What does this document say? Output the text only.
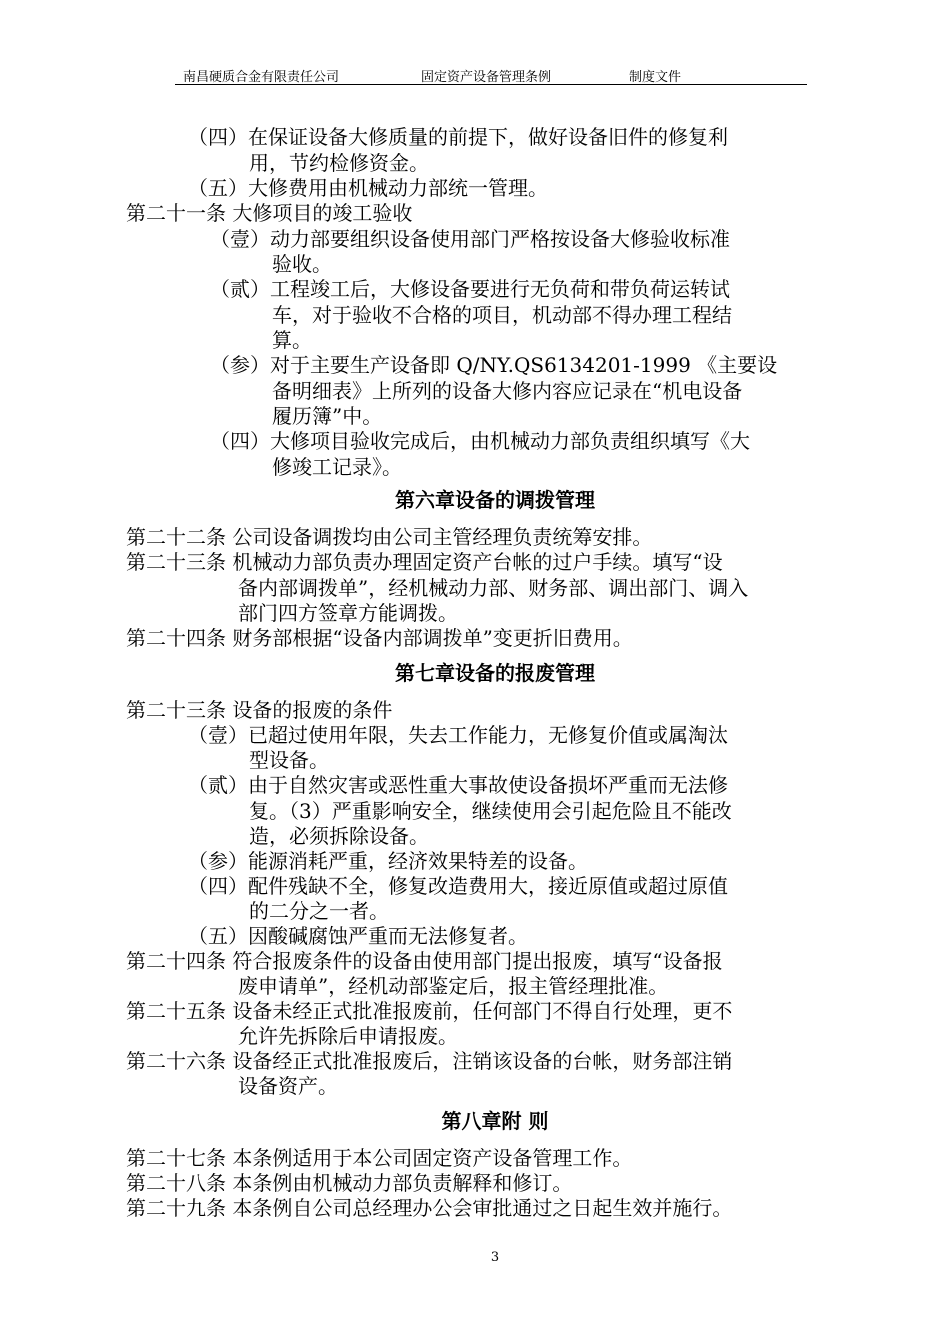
南昌硬质合金有限责任公司	固定资产设备管理条例	制度文件
（四）在保证设备大修质量的前提下，做好设备旧件的修复利
用，节约检修资金。
（五）大修费用由机械动力部统一管理。
第二十一条 大修项目的竣工验收
（壹）动力部要组织设备使用部门严格按设备大修验收标准
验收。
（贰）工程竣工后，大修设备要进行无负荷和带负荷运转试
车，对于验收不合格的项目，机动部不得办理工程结
算。
（参）对于主要生产设备即 Q/NY.QS6134201-1999 《主要设
备明细表》上所列的设备大修内容应记录在“机电设备
履历簿”中。
（四）大修项目验收完成后，由机械动力部负责组织填写《大
修竣工记录》。
第六章设备的调拨管理
第二十二条 公司设备调拨均由公司主管经理负责统筹安排。
第二十三条 机械动力部负责办理固定资产台帐的过户手续。填写“设
备内部调拨单”，经机械动力部、财务部、调出部门、调入
部门四方签章方能调拨。
第二十四条 财务部根据“设备内部调拨单”变更折旧费用。
第七章设备的报废管理
第二十三条 设备的报废的条件
（壹）已超过使用年限，失去工作能力，无修复价值或属淘汰
型设备。
（贰）由于自然灾害或恶性重大事故使设备损坏严重而无法修
复。（3）严重影响安全，继续使用会引起危险且不能改
造，必须拆除设备。
（参）能源消耗严重，经济效果特差的设备。
（四）配件残缺不全，修复改造费用大，接近原值或超过原值
的二分之一者。
（五）因酸碱腐蚀严重而无法修复者。
第二十四条 符合报废条件的设备由使用部门提出报废，填写“设备报
废申请单”，经机动部鉴定后，报主管经理批准。
第二十五条 设备未经正式批准报废前，任何部门不得自行处理，更不
允许先拆除后申请报废。
第二十六条 设备经正式批准报废后，注销该设备的台帐，财务部注销
设备资产。
第八章附 则
第二十七条 本条例适用于本公司固定资产设备管理工作。
第二十八条 本条例由机械动力部负责解释和修订。
第二十九条 本条例自公司总经理办公会审批通过之日起生效并施行。
3
